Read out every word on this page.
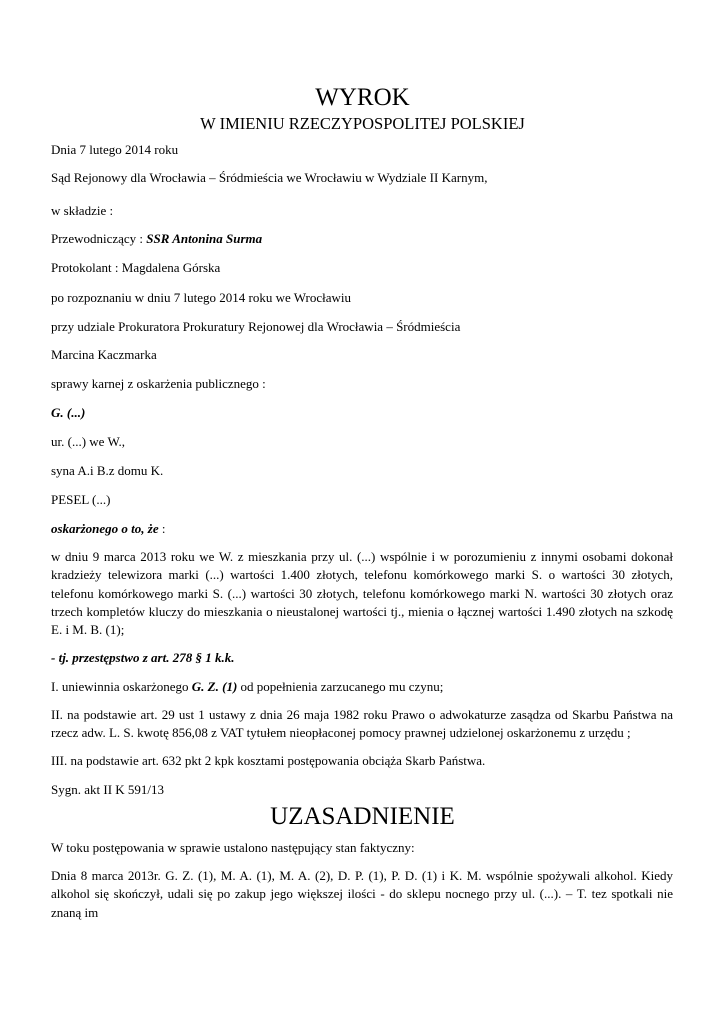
WYROK
W IMIENIU RZECZYPOSPOLITEJ POLSKIEJ

Dnia 7 lutego 2014 roku

Sąd Rejonowy dla Wrocławia – Śródmieścia we Wrocławiu w Wydziale II Karnym,

w składzie :

Przewodniczący : SSR Antonina Surma

Protokolant : Magdalena Górska

po rozpoznaniu w dniu 7 lutego 2014 roku we Wrocławiu

przy udziale Prokuratora Prokuratury Rejonowej dla Wrocławia – Śródmieścia

Marcina Kaczmarka

sprawy karnej z oskarżenia publicznego :

G. (...)

ur. (...) we W.,

syna A.i B.z domu K.

PESEL (...)

oskarżonego o to, że :

w dniu 9 marca 2013 roku we W. z mieszkania przy ul. (...) wspólnie i w porozumieniu z innymi osobami dokonał kradzieży telewizora marki (...) wartości 1.400 złotych, telefonu komórkowego marki S. o wartości 30 złotych, telefonu komórkowego marki S. (...) wartości 30 złotych, telefonu komórkowego marki N. wartości 30 złotych oraz trzech kompletów kluczy do mieszkania o nieustalonej wartości tj., mienia o łącznej wartości 1.490 złotych na szkodę E. i M. B. (1);

- tj. przestępstwo z art. 278 § 1 k.k.

I. uniewinnia oskarżonego G. Z. (1) od popełnienia zarzucanego mu czynu;

II. na podstawie art. 29 ust 1 ustawy z dnia 26 maja 1982 roku Prawo o adwokaturze zasądza od Skarbu Państwa na rzecz adw. L. S. kwotę 856,08 z VAT tytułem nieopłaconej pomocy prawnej udzielonej oskarżonemu z urzędu ;

III. na podstawie art. 632 pkt 2 kpk kosztami postępowania obciąża Skarb Państwa.

Sygn. akt II K 591/13

UZASADNIENIE

W toku postępowania w sprawie ustalono następujący stan faktyczny:

Dnia 8 marca 2013r. G. Z. (1), M. A. (1), M. A. (2), D. P. (1), P. D. (1) i K. M. wspólnie spożywali alkohol. Kiedy alkohol się skończył, udali się po zakup jego większej ilości - do sklepu nocnego przy ul. (...). – T. tez spotkali nie znaną im
